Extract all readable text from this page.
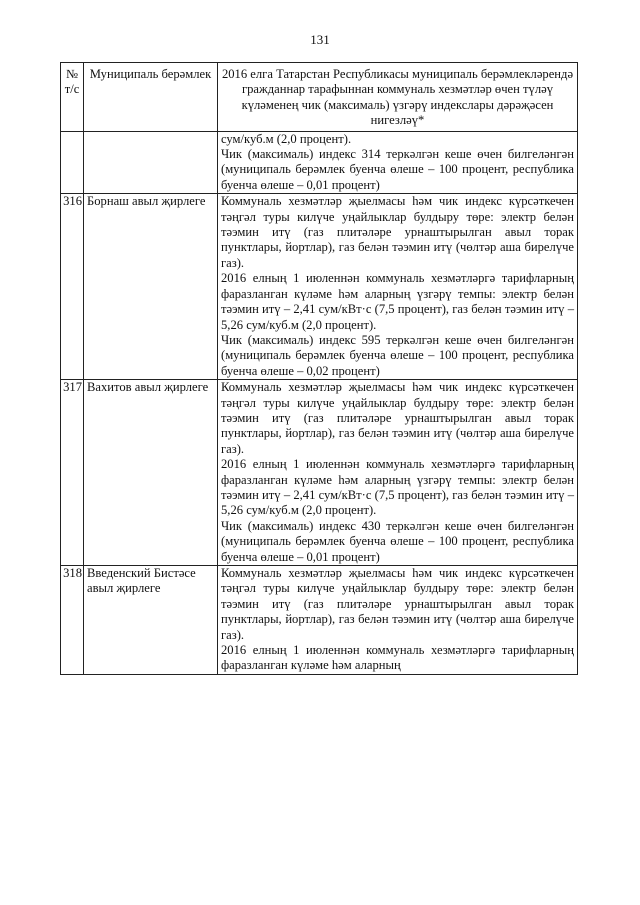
131
№ т/с	Муниципаль берәмлек	2016 елга Татарстан Республикасы муниципаль берәмлекләрендә гражданнар тарафыннан коммуналь хезмәтләр өчен түләү күләменең чик (максималь) үзгәрү индекслары дәрәҗәсен нигезләү*

		сум/куб.м (2,0 процент).
Чик (максималь) индекс 314 теркәлгән кеше өчен билгеләнгән (муниципаль берәмлек буенча өлеше – 100 процент, республика буенча өлеше – 0,01 процент)

316	Борнаш авыл җирлеге	Коммуналь хезмәтләр җыелмасы һәм чик индекс күрсәткечен тәңгәл туры килүче уңайлыклар булдыру төре: электр белән тәэмин итү (газ плитәләре урнаштырылган авыл торак пунктлары, йортлар), газ белән тәэмин итү (чөлтәр аша бирелүче газ).
2016 елның 1 июленнән коммуналь хезмәтләргә тарифларның фаразланган күләме һәм аларның үзгәрү темпы: электр белән тәэмин итү – 2,41 сум/кВт·с (7,5 процент), газ белән тәэмин итү – 5,26 сум/куб.м (2,0 процент).
Чик (максималь) индекс 595 теркәлгән кеше өчен билгеләнгән (муниципаль берәмлек буенча өлеше – 100 процент, республика буенча өлеше – 0,02 процент)

317	Вахитов авыл җирлеге	Коммуналь хезмәтләр җыелмасы һәм чик индекс күрсәткечен тәңгәл туры килүче уңайлыклар булдыру төре: электр белән тәэмин итү (газ плитәләре урнаштырылган авыл торак пунктлары, йортлар), газ белән тәэмин итү (чөлтәр аша бирелүче газ).
2016 елның 1 июленнән коммуналь хезмәтләргә тарифларның фаразланган күләме һәм аларның үзгәрү темпы: электр белән тәэмин итү – 2,41 сум/кВт·с (7,5 процент), газ белән тәэмин итү – 5,26 сум/куб.м (2,0 процент).
Чик (максималь) индекс 430 теркәлгән кеше өчен билгеләнгән (муниципаль берәмлек буенча өлеше – 100 процент, республика буенча өлеше – 0,01 процент)

318	Введенский Бистәсе авыл җирлеге	Коммуналь хезмәтләр җыелмасы һәм чик индекс күрсәткечен тәңгәл туры килүче уңайлыклар булдыру төре: электр белән тәэмин итү (газ плитәләре урнаштырылган авыл торак пунктлары, йортлар), газ белән тәэмин итү (чөлтәр аша бирелүче газ).
2016 елның 1 июленнән коммуналь хезмәтләргә тарифларның фаразланган күләме һәм аларның
